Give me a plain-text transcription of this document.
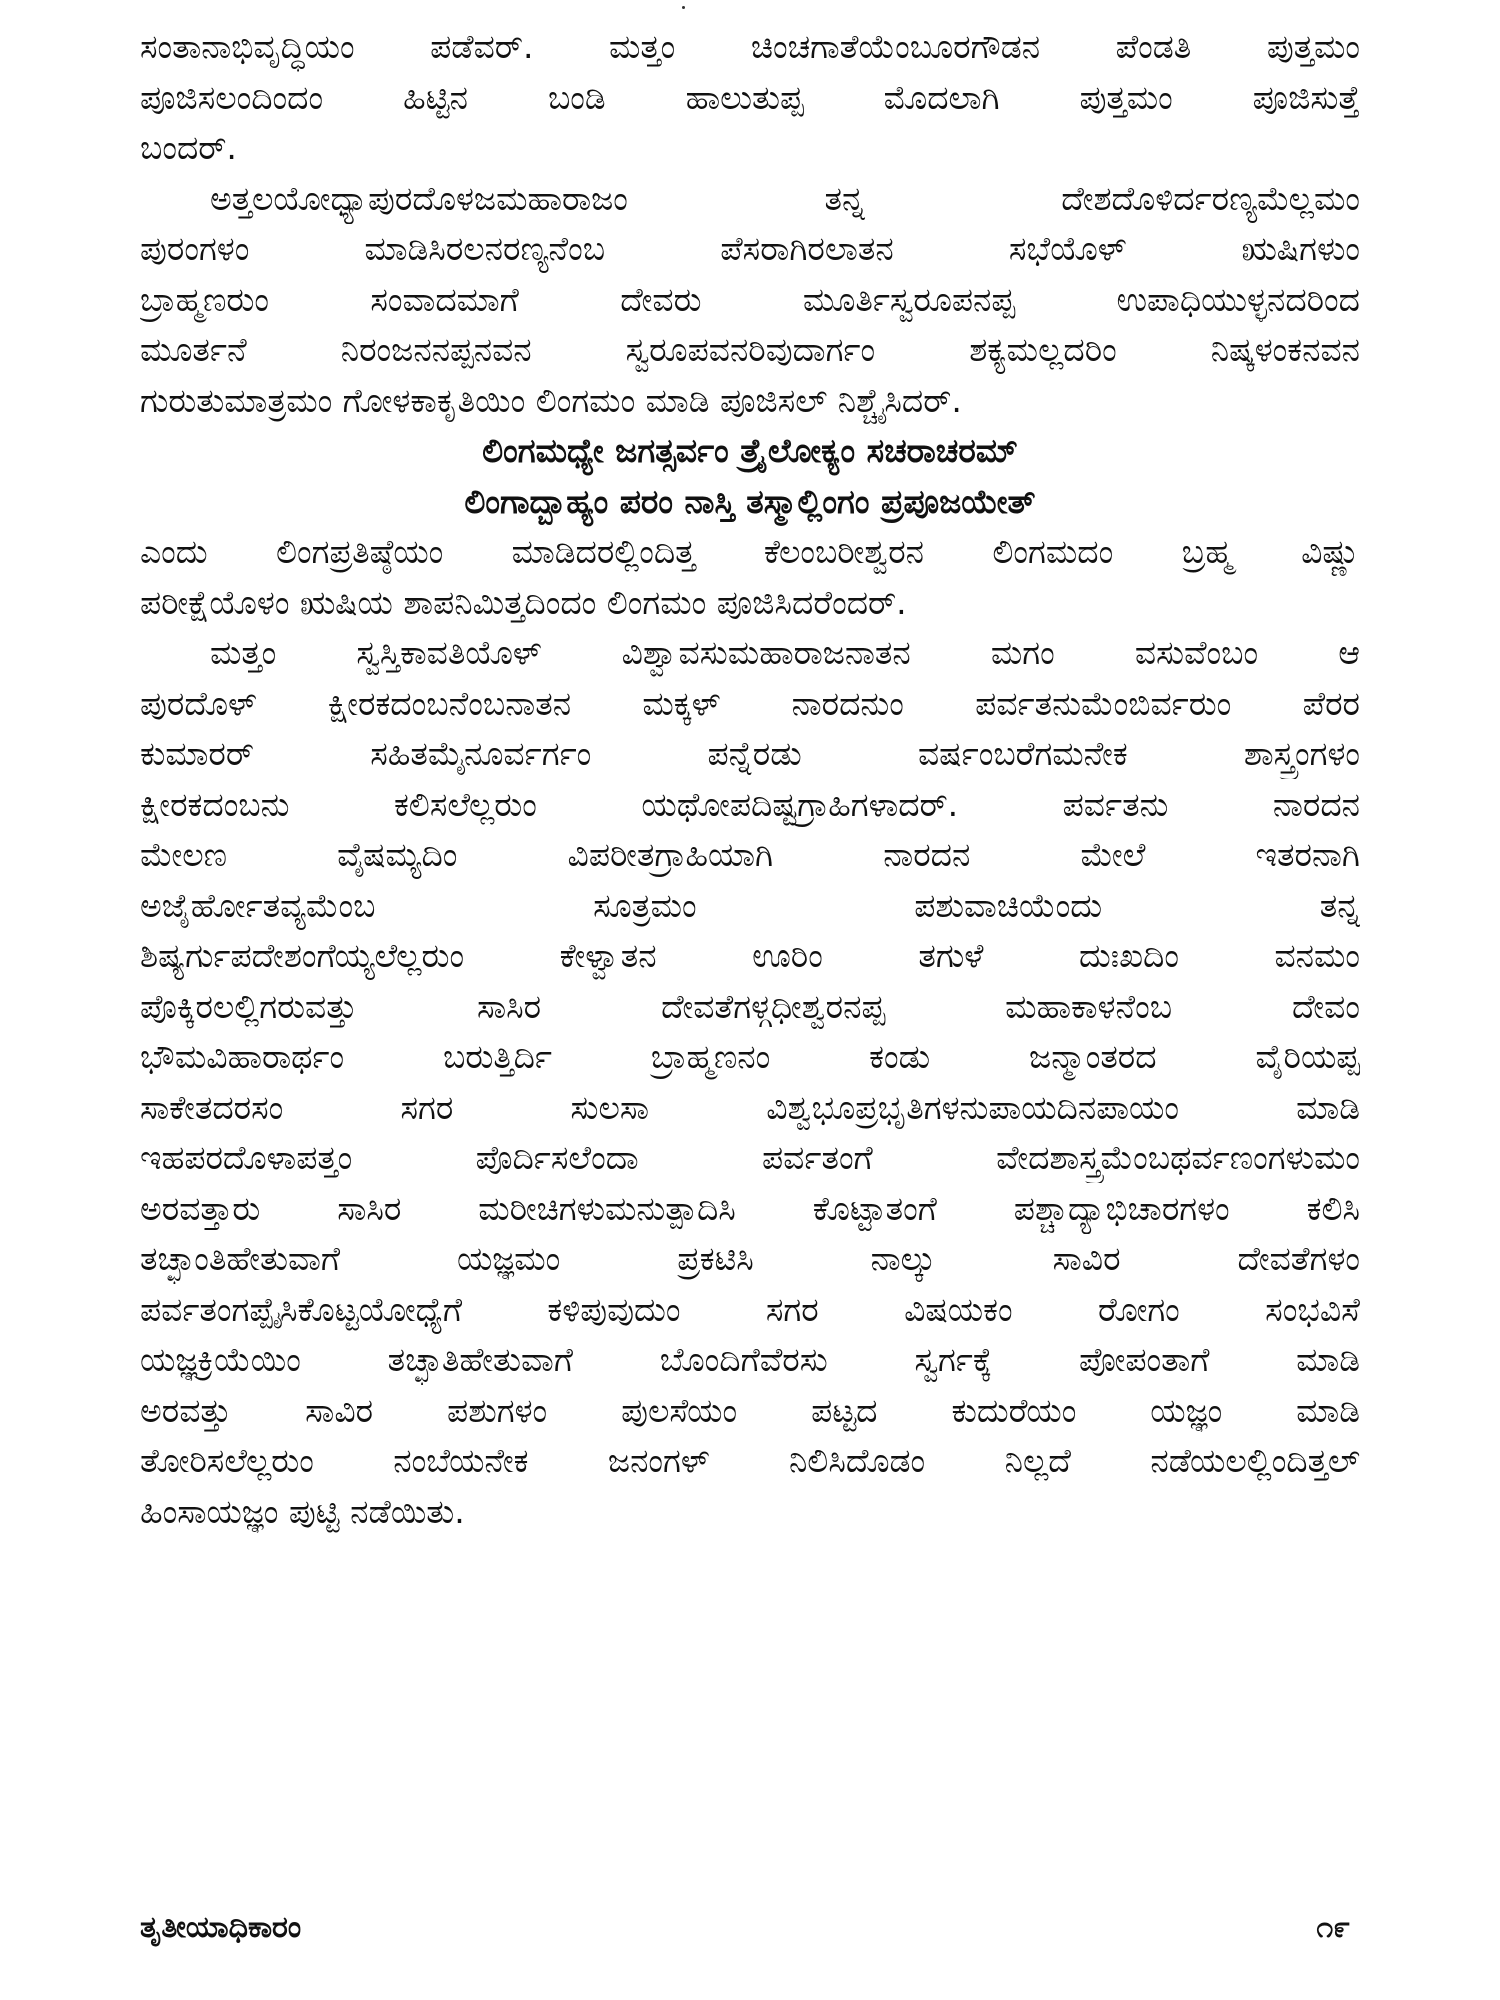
ಸಂತಾನಾಭಿವೃದ್ಧಿಯಂ ಪಡೆವರ್. ಮತ್ತಂ ಚಿಂಚಗಾತೆಯೆಂಬೂರಗೌಡನ ಪೆಂಡತಿ ಪುತ್ತಮಂ
ಪೂಜಿಸಲಂದಿಂದಂ ಹಿಟ್ಟಿನ ಬಂಡಿ ಹಾಲುತುಪ್ಪ ಮೊದಲಾಗಿ ಪುತ್ತಮಂ ಪೂಜಿಸುತ್ತೆ
ಬಂದರ್.
ಅತ್ತಲಯೋಧ್ಯಾಪುರದೊಳಜಮಹಾರಾಜಂ ತನ್ನ ದೇಶದೊಳಿರ್ದರಣ್ಯಮೆಲ್ಲಮಂ
ಪುರಂಗಳಂ ಮಾಡಿಸಿರಲನರಣ್ಯನೆಂಬ ಪೆಸರಾಗಿರಲಾತನ ಸಭೆಯೊಳ್ ಋಷಿಗಳುಂ
ಬ್ರಾಹ್ಮಣರುಂ ಸಂವಾದಮಾಗೆ ದೇವರು ಮೂರ್ತಿಸ್ವರೂಪನಪ್ಪ ಉಪಾಧಿಯುಳ್ಳನದರಿಂದ
ಮೂರ್ತನೆ ನಿರಂಜನನಪ್ಪನವನ ಸ್ವರೂಪವನರಿವುದಾರ್ಗಂ ಶಕ್ಯಮಲ್ಲದರಿಂ ನಿಷ್ಕಳಂಕನವನ
ಗುರುತುಮಾತ್ರಮಂ ಗೋಳಕಾಕೃತಿಯಿಂ ಲಿಂಗಮಂ ಮಾಡಿ ಪೂಜಿಸಲ್ ನಿಶ್ಚೈಸಿದರ್.
ಲಿಂಗಮಧ್ಯೇ ಜಗತ್ಸರ್ವಂ ತ್ರೈಲೋಕ್ಯಂ ಸಚರಾಚರಮ್
ಲಿಂಗಾದ್ಬಾಹ್ಯಂ ಪರಂ ನಾಸ್ತಿ ತಸ್ಮಾಲ್ಲಿಂಗಂ ಪ್ರಪೂಜಯೇತ್
ಎಂದು ಲಿಂಗಪ್ರತಿಷ್ಠೆಯಂ ಮಾಡಿದರಲ್ಲಿಂದಿತ್ತ ಕೆಲಂಬರೀಶ್ವರನ ಲಿಂಗಮದಂ ಬ್ರಹ್ಮ ವಿಷ್ಣು
ಪರೀಕ್ಷೆಯೊಳಂ ಋಷಿಯ ಶಾಪನಿಮಿತ್ತದಿಂದಂ ಲಿಂಗಮಂ ಪೂಜಿಸಿದರೆಂದರ್.
ಮತ್ತಂ ಸ್ವಸ್ತಿಕಾವತಿಯೊಳ್ ವಿಶ್ವಾವಸುಮಹಾರಾಜನಾತನ ಮಗಂ ವಸುವೆಂಬಂ ಆ
ಪುರದೊಳ್ ಕ್ಷೀರಕದಂಬನೆಂಬನಾತನ ಮಕ್ಕಳ್ ನಾರದನುಂ ಪರ್ವತನುಮೆಂಬಿರ್ವರುಂ ಪೆರರ
ಕುಮಾರರ್ ಸಹಿತಮೈನೂರ್ವರ್ಗಂ ಪನ್ನೆರಡು ವರ್ಷಂಬರೆಗಮನೇಕ ಶಾಸ್ತ್ರಂಗಳಂ
ಕ್ಷೀರಕದಂಬನು ಕಲಿಸಲೆಲ್ಲರುಂ ಯಥೋಪದಿಷ್ಟಗ್ರಾಹಿಗಳಾದರ್. ಪರ್ವತನು ನಾರದನ
ಮೇಲಣ ವೈಷಮ್ಯದಿಂ ವಿಪರೀತಗ್ರಾಹಿಯಾಗಿ ನಾರದನ ಮೇಲೆ ಇತರನಾಗಿ
ಅಜೈರ್ಹೋತವ್ಯಮೆಂಬ ಸೂತ್ರಮಂ ಪಶುವಾಚಿಯೆಂದು ತನ್ನ
ಶಿಷ್ಯರ್ಗುಪದೇಶಂಗೆಯ್ಯಲೆಲ್ಲರುಂ ಕೇಳ್ವಾತನ ಊರಿಂ ತಗುಳೆ ದುಃಖದಿಂ ವನಮಂ
ಪೊಕ್ಕಿರಲಲ್ಲಿಗರುವತ್ತು ಸಾಸಿರ ದೇವತೆಗಳ್ಗಧೀಶ್ವರನಪ್ಪ ಮಹಾಕಾಳನೆಂಬ ದೇವಂ
ಭೌಮವಿಹಾರಾರ್ಥಂ ಬರುತ್ತಿರ್ದಿ ಬ್ರಾಹ್ಮಣನಂ ಕಂಡು ಜನ್ಮಾಂತರದ ವೈರಿಯಪ್ಪ
ಸಾಕೇತದರಸಂ ಸಗರ ಸುಲಸಾ ವಿಶ್ವಭೂಪ್ರಭೃತಿಗಳನುಪಾಯದಿನಪಾಯಂ ಮಾಡಿ
ಇಹಪರದೊಳಾಪತ್ತಂ ಪೊರ್ದಿಸಲೆಂದಾ ಪರ್ವತಂಗೆ ವೇದಶಾಸ್ತ್ರಮೆಂಬಥರ್ವಣಂಗಳುಮಂ
ಅರವತ್ತಾರು ಸಾಸಿರ ಮರೀಚಿಗಳುಮನುತ್ಪಾದಿಸಿ ಕೊಟ್ಟಾತಂಗೆ ಪಶ್ಚಾದ್ಯಾಭಿಚಾರಗಳಂ ಕಲಿಸಿ
ತಚ್ಛಾಂತಿಹೇತುವಾಗೆ ಯಜ್ಞಮಂ ಪ್ರಕಟಿಸಿ ನಾಲ್ಕು ಸಾವಿರ ದೇವತೆಗಳಂ
ಪರ್ವತಂಗಪ್ಪೈಸಿಕೊಟ್ಟಯೋಧ್ಯೆಗೆ ಕಳಿಪುವುದುಂ ಸಗರ ವಿಷಯಕಂ ರೋಗಂ ಸಂಭವಿಸೆ
ಯಜ್ಞಕ್ರಿಯೆಯಿಂ ತಚ್ಛಾತಿಹೇತುವಾಗೆ ಬೊಂದಿಗೆವೆರಸು ಸ್ವರ್ಗಕ್ಕೆ ಪೋಪಂತಾಗೆ ಮಾಡಿ
ಅರವತ್ತು ಸಾವಿರ ಪಶುಗಳಂ ಪುಲಸೆಯಂ ಪಟ್ಟದ ಕುದುರೆಯಂ ಯಜ್ಞಂ ಮಾಡಿ
ತೋರಿಸಲೆಲ್ಲರುಂ ನಂಬೆಯನೇಕ ಜನಂಗಳ್ ನಿಲಿಸಿದೊಡಂ ನಿಲ್ಲದೆ ನಡೆಯಲಲ್ಲಿಂದಿತ್ತಲ್
ಹಿಂಸಾಯಜ್ಞಂ ಪುಟ್ಟಿ ನಡೆಯಿತು.
ತೃತೀಯಾಧಿಕಾರಂ	೧೯
